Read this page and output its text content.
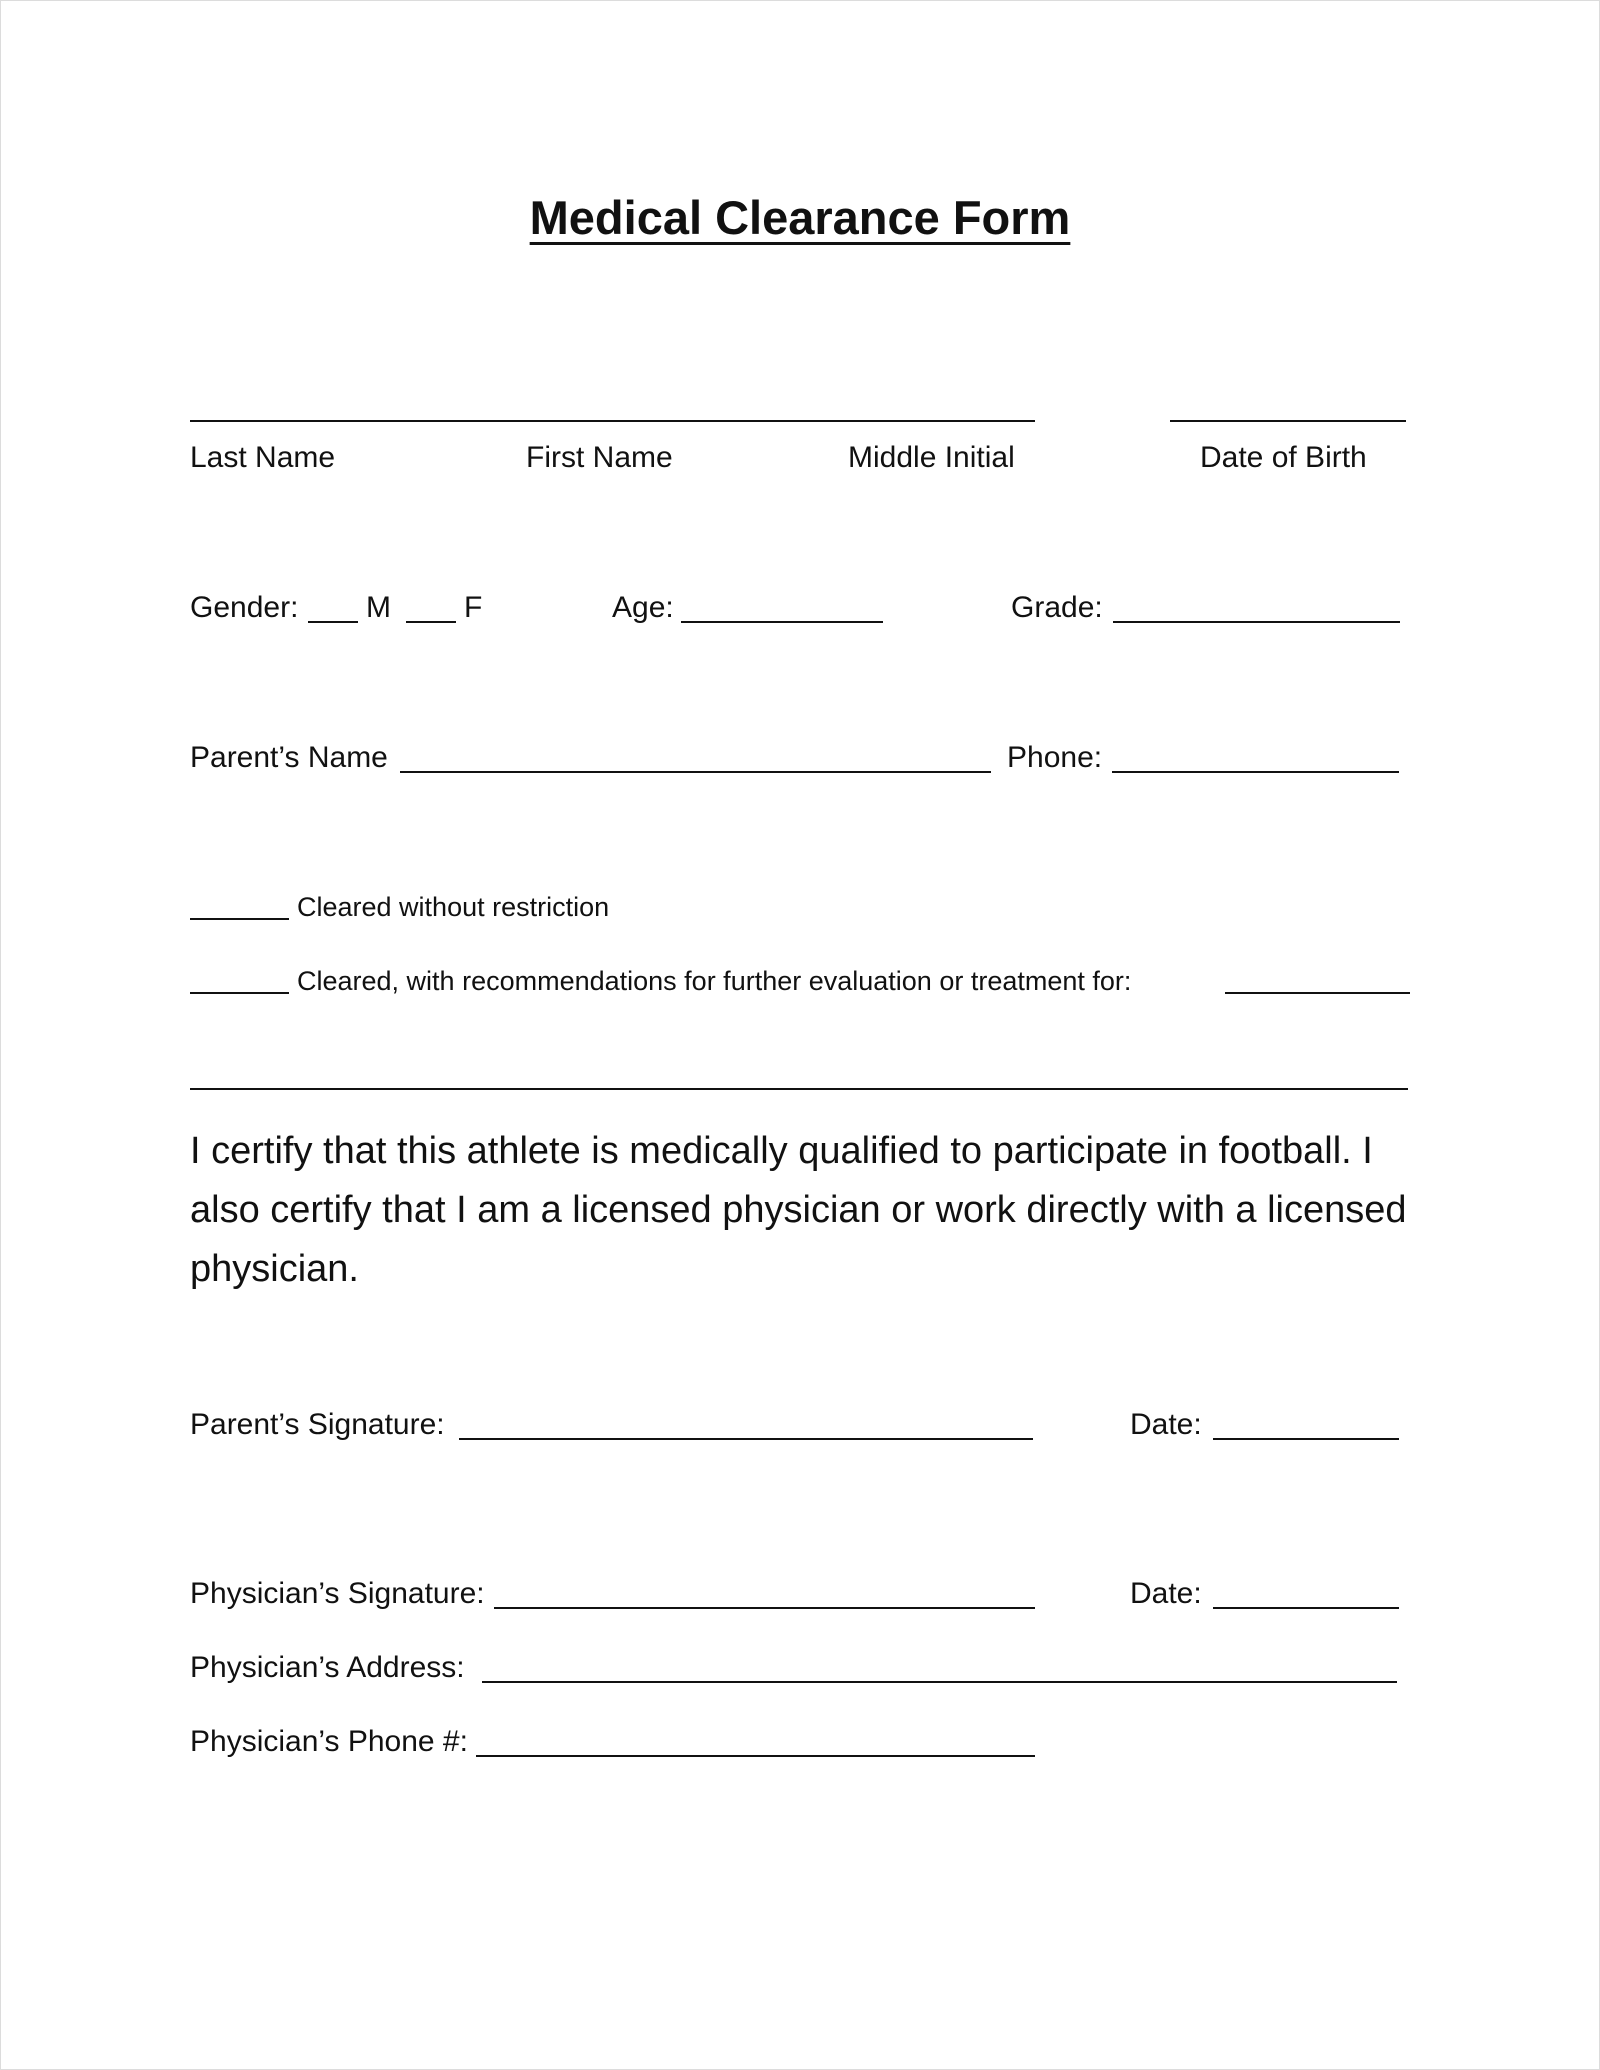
Medical Clearance Form
Last Name	First Name	Middle Initial	Date of Birth
Gender: M F	Age:	Grade:
Parent’s Name	Phone:
Cleared without restriction
Cleared, with recommendations for further evaluation or treatment for:

I certify that this athlete is medically qualified to participate in football. I also certify that I am a licensed physician or work directly with a licensed physician.

Parent’s Signature:	Date:
Physician’s Signature:	Date:
Physician’s Address:
Physician’s Phone #:
